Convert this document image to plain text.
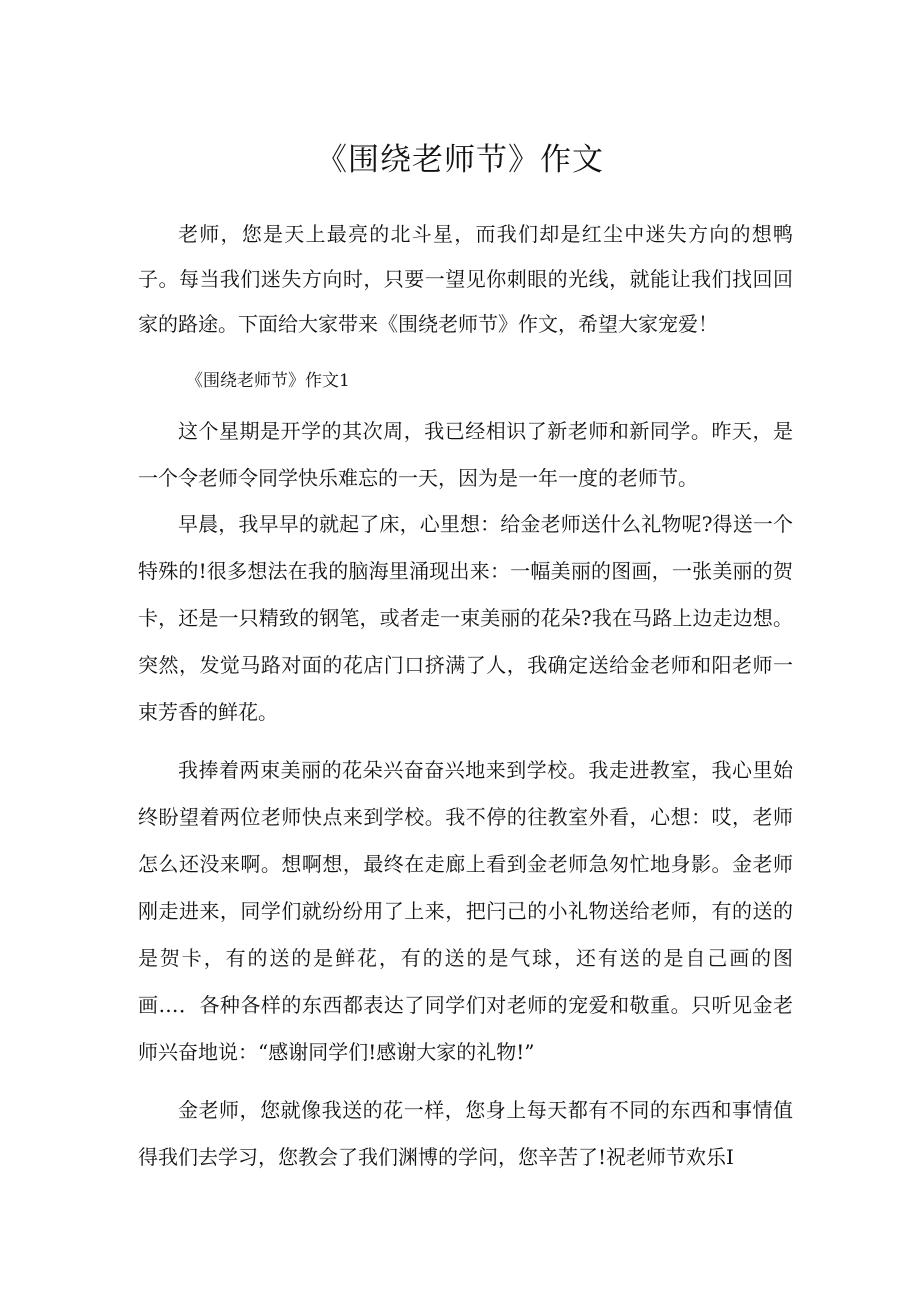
《围绕老师节》作文

老师，您是天上最亮的北斗星，而我们却是红尘中迷失方向的想鸭子。每当我们迷失方向时，只要一望见你刺眼的光线，就能让我们找回回家的路途。下面给大家带来《围绕老师节》作文，希望大家宠爱！

《围绕老师节》作文1

这个星期是开学的其次周，我已经相识了新老师和新同学。昨天，是一个令老师令同学快乐难忘的一天，因为是一年一度的老师节。

早晨，我早早的就起了床，心里想：给金老师送什么礼物呢?得送一个特殊的!很多想法在我的脑海里涌现出来：一幅美丽的图画，一张美丽的贺卡，还是一只精致的钢笔，或者走一束美丽的花朵?我在马路上边走边想。突然，发觉马路对面的花店门口挤满了人，我确定送给金老师和阳老师一束芳香的鲜花。

我捧着两束美丽的花朵兴奋奋兴地来到学校。我走进教室，我心里始终盼望着两位老师快点来到学校。我不停的往教室外看，心想：哎，老师怎么还没来啊。想啊想，最终在走廊上看到金老师急匆忙地身影。金老师刚走进来，同学们就纷纷用了上来，把闩己的小礼物送给老师，有的送的是贺卡，有的送的是鲜花，有的送的是气球，还有送的是自己画的图画…．各种各样的东西都表达了同学们对老师的宠爱和敬重。只听见金老师兴奋地说：“感谢同学们!感谢大家的礼物!”

金老师，您就像我送的花一样，您身上每天都有不同的东西和事情值得我们去学习，您教会了我们渊博的学问，您辛苦了!祝老师节欢乐I
